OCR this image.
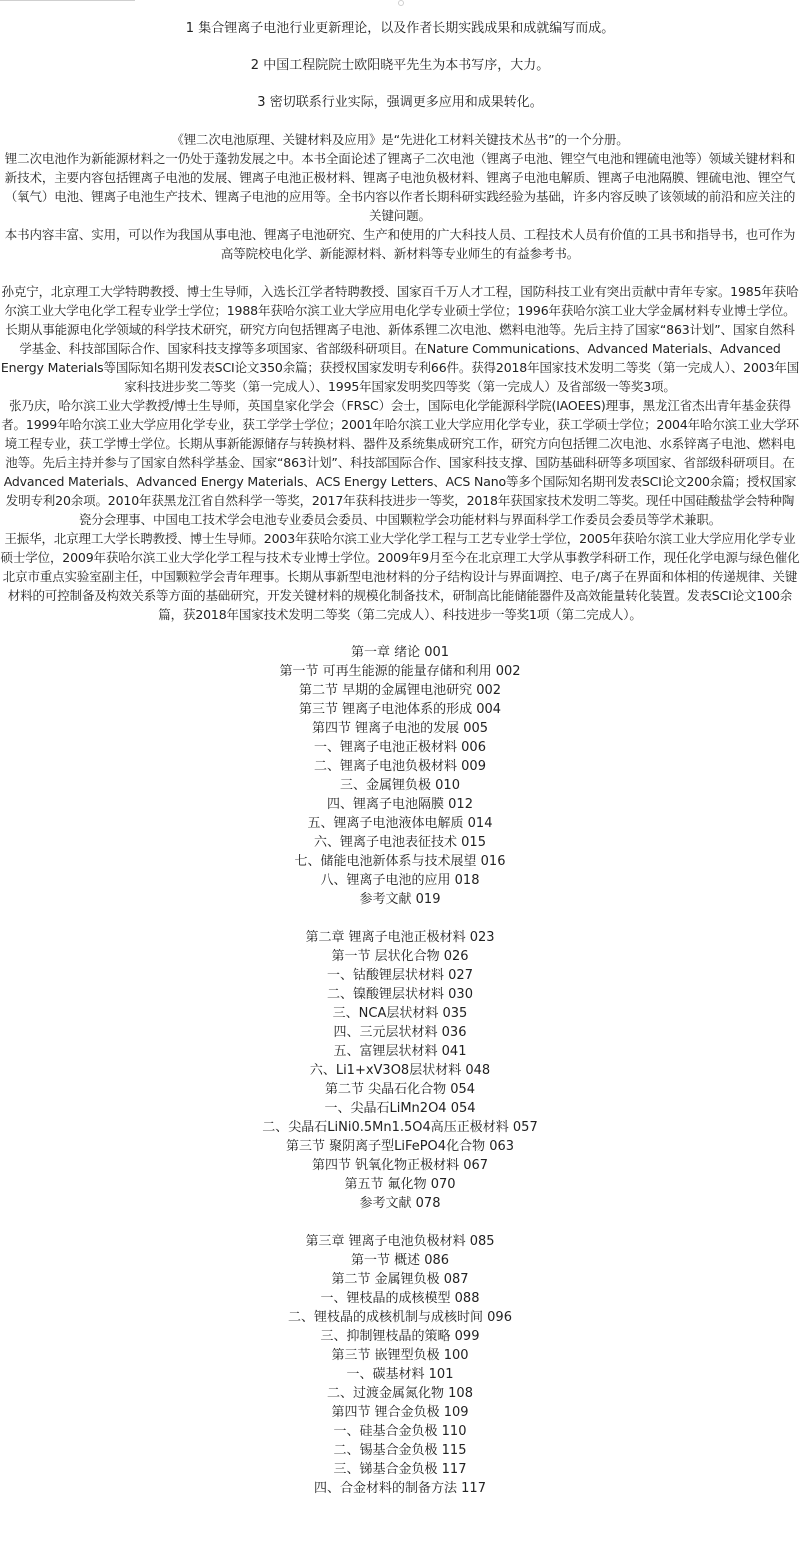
1 集合锂离子电池行业更新理论，以及作者长期实践成果和成就编写而成。

2 中国工程院院士欧阳晓平先生为本书写序，大力。

3 密切联系行业实际，强调更多应用和成果转化。

《锂二次电池原理、关键材料及应用》是“先进化工材料关键技术丛书”的一个分册。

锂二次电池作为新能源材料之一仍处于蓬勃发展之中。本书全面论述了锂离子二次电池（锂离子电池、锂空气电池和锂硫电池等）领域关键材料和新技术，主要内容包括锂离子电池的发展、锂离子电池正极材料、锂离子电池负极材料、锂离子电池电解质、锂离子电池隔膜、锂硫电池、锂空气（氧气）电池、锂离子电池生产技术、锂离子电池的应用等。全书内容以作者长期科研实践经验为基础，许多内容反映了该领域的前沿和应关注的关键问题。

本书内容丰富、实用，可以作为我国从事电池、锂离子电池研究、生产和使用的广大科技人员、工程技术人员有价值的工具书和指导书，也可作为高等院校电化学、新能源材料、新材料等专业师生的有益参考书。

孙克宁，北京理工大学特聘教授、博士生导师，入选长江学者特聘教授、国家百千万人才工程，国防科技工业有突出贡献中青年专家。1985年获哈尔滨工业大学电化学工程专业学士学位；1988年获哈尔滨工业大学应用电化学专业硕士学位；1996年获哈尔滨工业大学金属材料专业博士学位。长期从事能源电化学领域的科学技术研究，研究方向包括锂离子电池、新体系锂二次电池、燃料电池等。先后主持了国家“863计划”、国家自然科学基金、科技部国际合作、国家科技支撑等多项国家、省部级科研项目。在Nature Communications、Advanced Materials、Advanced Energy Materials等国际知名期刊发表SCI论文350余篇；获授权国家发明专利66件。获得2018年国家技术发明二等奖（第一完成人）、2003年国家科技进步奖二等奖（第一完成人）、1995年国家发明奖四等奖（第一完成人）及省部级一等奖3项。

张乃庆，哈尔滨工业大学教授/博士生导师，英国皇家化学会（FRSC）会士，国际电化学能源科学院(IAOEES)理事，黑龙江省杰出青年基金获得者。1999年哈尔滨工业大学应用化学专业，获工学学士学位；2001年哈尔滨工业大学应用化学专业，获工学硕士学位；2004年哈尔滨工业大学环境工程专业，获工学博士学位。长期从事新能源储存与转换材料、器件及系统集成研究工作，研究方向包括锂二次电池、水系锌离子电池、燃料电池等。先后主持并参与了国家自然科学基金、国家“863计划”、科技部国际合作、国家科技支撑、国防基础科研等多项国家、省部级科研项目。在Advanced Materials、Advanced Energy Materials、ACS Energy Letters、ACS Nano等多个国际知名期刊发表SCI论文200余篇；授权国家发明专利20余项。2010年获黑龙江省自然科学一等奖，2017年获科技进步一等奖，2018年获国家技术发明二等奖。现任中国硅酸盐学会特种陶瓷分会理事、中国电工技术学会电池专业委员会委员、中国颗粒学会功能材料与界面科学工作委员会委员等学术兼职。

王振华，北京理工大学长聘教授、博士生导师。2003年获哈尔滨工业大学化学工程与工艺专业学士学位，2005年获哈尔滨工业大学应用化学专业硕士学位，2009年获哈尔滨工业大学化学工程与技术专业博士学位。2009年9月至今在北京理工大学从事教学科研工作，现任化学电源与绿色催化北京市重点实验室副主任，中国颗粒学会青年理事。长期从事新型电池材料的分子结构设计与界面调控、电子/离子在界面和体相的传递规律、关键材料的可控制备及构效关系等方面的基础研究，开发关键材料的规模化制备技术，研制高比能储能器件及高效能量转化装置。发表SCI论文100余篇，获2018年国家技术发明二等奖（第二完成人）、科技进步一等奖1项（第二完成人）。

第一章 绪论 001

第一节 可再生能源的能量存储和利用 002

第二节 早期的金属锂电池研究 002

第三节 锂离子电池体系的形成 004

第四节 锂离子电池的发展 005

一、锂离子电池正极材料 006

二、锂离子电池负极材料 009

三、金属锂负极 010

四、锂离子电池隔膜 012

五、锂离子电池液体电解质 014

六、锂离子电池表征技术 015

七、储能电池新体系与技术展望 016

八、锂离子电池的应用 018

参考文献 019

第二章 锂离子电池正极材料 023

第一节 层状化合物 026

一、钴酸锂层状材料 027

二、镍酸锂层状材料 030

三、NCA层状材料 035

四、三元层状材料 036

五、富锂层状材料 041

六、Li1+xV3O8层状材料 048

第二节 尖晶石化合物 054

一、尖晶石LiMn2O4 054

二、尖晶石LiNi0.5Mn1.5O4高压正极材料 057

第三节 聚阴离子型LiFePO4化合物 063

第四节 钒氧化物正极材料 067

第五节 氟化物 070

参考文献 078

第三章 锂离子电池负极材料 085

第一节 概述 086

第二节 金属锂负极 087

一、锂枝晶的成核模型 088

二、锂枝晶的成核机制与成核时间 096

三、抑制锂枝晶的策略 099

第三节 嵌锂型负极 100

一、碳基材料 101

二、过渡金属氮化物 108

第四节 锂合金负极 109

一、硅基合金负极 110

二、锡基合金负极 115

三、锑基合金负极 117

四、合金材料的制备方法 117
